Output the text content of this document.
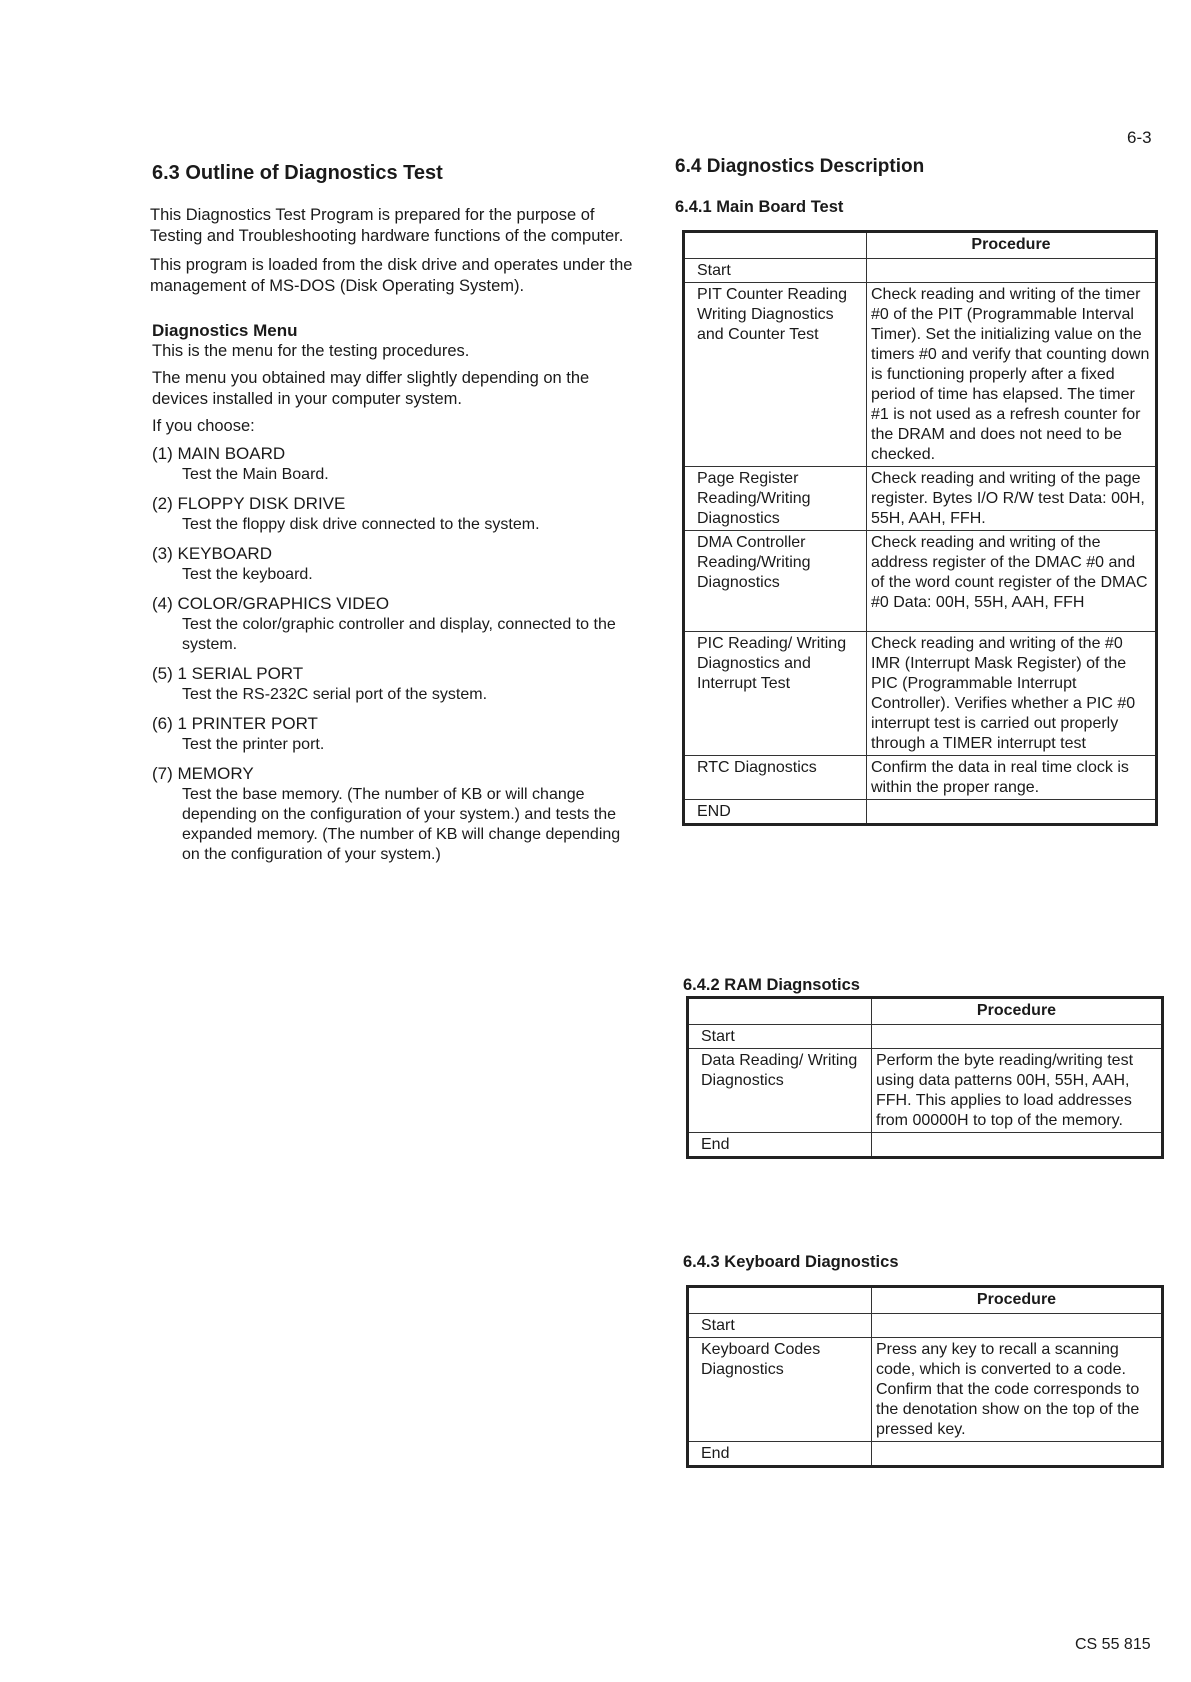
6-3
6.3 Outline of Diagnostics Test

This Diagnostics Test Program is prepared for the purpose of Testing and Troubleshooting hardware functions of the computer.

This program is loaded from the disk drive and operates under the management of MS-DOS (Disk Operating System).

Diagnostics Menu

This is the menu for the testing procedures.

The menu you obtained may differ slightly depending on the devices installed in your computer system.

If you choose:

(1) MAIN BOARD
Test the Main Board.
(2) FLOPPY DISK DRIVE
Test the floppy disk drive connected to the system.
(3) KEYBOARD
Test the keyboard.
(4) COLOR/GRAPHICS VIDEO
Test the color/graphic controller and display, connected to the system.
(5) 1 SERIAL PORT
Test the RS-232C serial port of the system.
(6) 1 PRINTER PORT
Test the printer port.
(7) MEMORY
Test the base memory. (The number of KB or will change depending on the configuration of your system.) and tests the expanded memory. (The number of KB will change depending on the configuration of your system.)
6.4 Diagnostics Description
6.4.1 Main Board Test
	Procedure
Start	
PIT Counter Reading Writing Diagnostics and Counter Test	Check reading and writing of the timer #0 of the PIT (Programmable Interval Timer). Set the initializing value on the timers #0 and verify that counting down is functioning properly after a fixed period of time has elapsed. The timer #1 is not used as a refresh counter for the DRAM and does not need to be checked.
Page Register Reading/Writing Diagnostics	Check reading and writing of the page register. Bytes I/O R/W test Data: 00H, 55H, AAH, FFH.
DMA Controller Reading/Writing Diagnostics	Check reading and writing of the address register of the DMAC #0 and of the word count register of the DMAC #0 Data: 00H, 55H, AAH, FFH
PIC Reading/ Writing Diagnostics and Interrupt Test	Check reading and writing of the #0 IMR (Interrupt Mask Register) of the PIC (Programmable Interrupt Controller). Verifies whether a PIC #0 interrupt test is carried out properly through a TIMER interrupt test
RTC Diagnostics	Confirm the data in real time clock is within the proper range.
END	
6.4.2 RAM Diagnsotics
	Procedure
Start	
Data Reading/ Writing Diagnostics	Perform the byte reading/writing test using data patterns 00H, 55H, AAH, FFH. This applies to load addresses from 00000H to top of the memory.
End	
6.4.3 Keyboard Diagnostics
	Procedure
Start	
Keyboard Codes Diagnostics	Press any key to recall a scanning code, which is converted to a code. Confirm that the code corresponds to the denotation show on the top of the pressed key.
End	
CS 55 815
